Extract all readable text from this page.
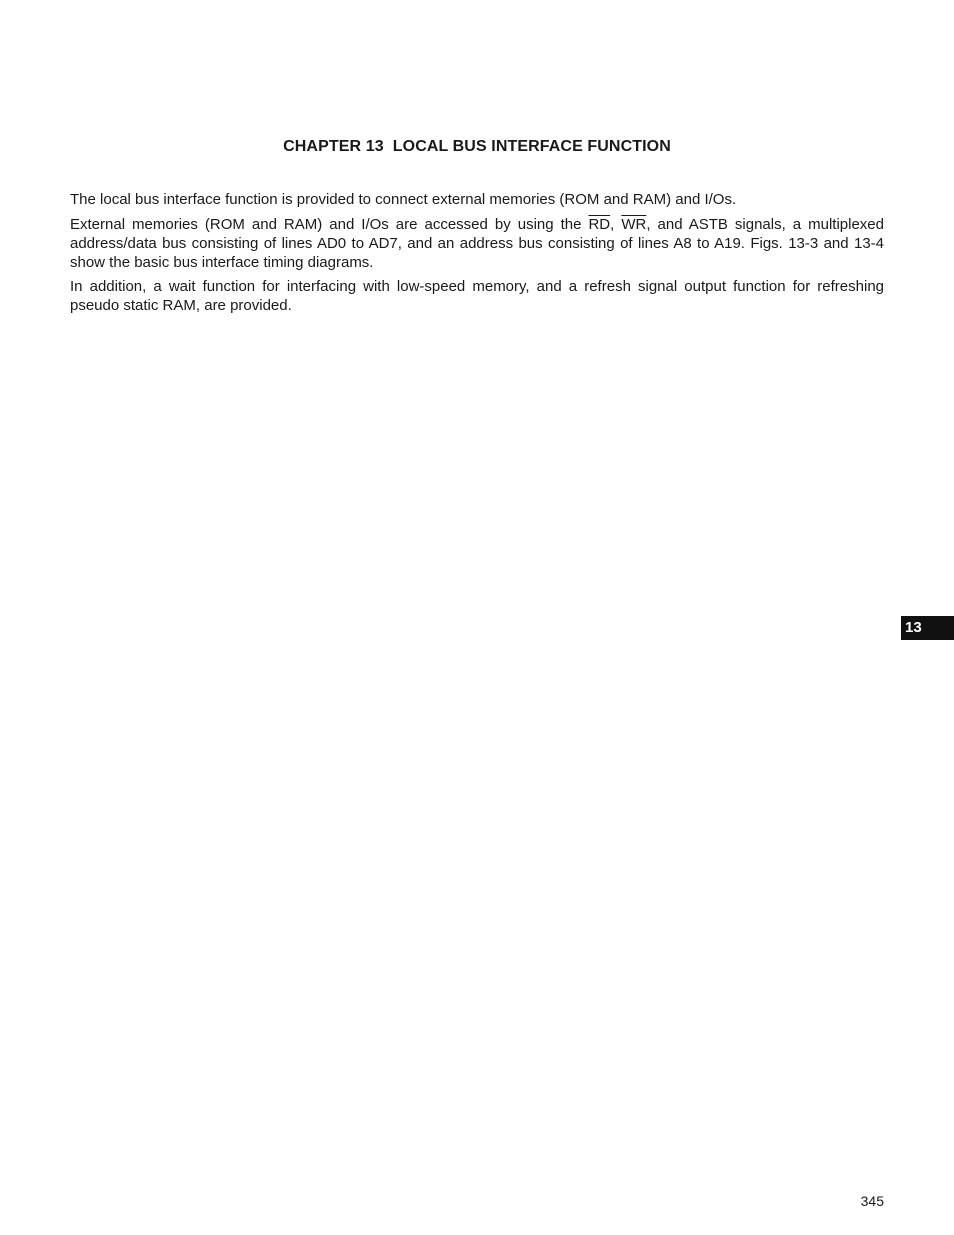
CHAPTER 13  LOCAL BUS INTERFACE FUNCTION

The local bus interface function is provided to connect external memories (ROM and RAM) and I/Os.

External memories (ROM and RAM) and I/Os are accessed by using the $\overline{RD}$, $\overline{WR}$, and ASTB signals, a multiplexed address/data bus consisting of lines AD0 to AD7, and an address bus consisting of lines A8 to A19. Figs. 13-3 and 13-4 show the basic bus interface timing diagrams.

In addition, a wait function for interfacing with low-speed memory, and a refresh signal output function for refreshing pseudo static RAM, are provided.

13
345
